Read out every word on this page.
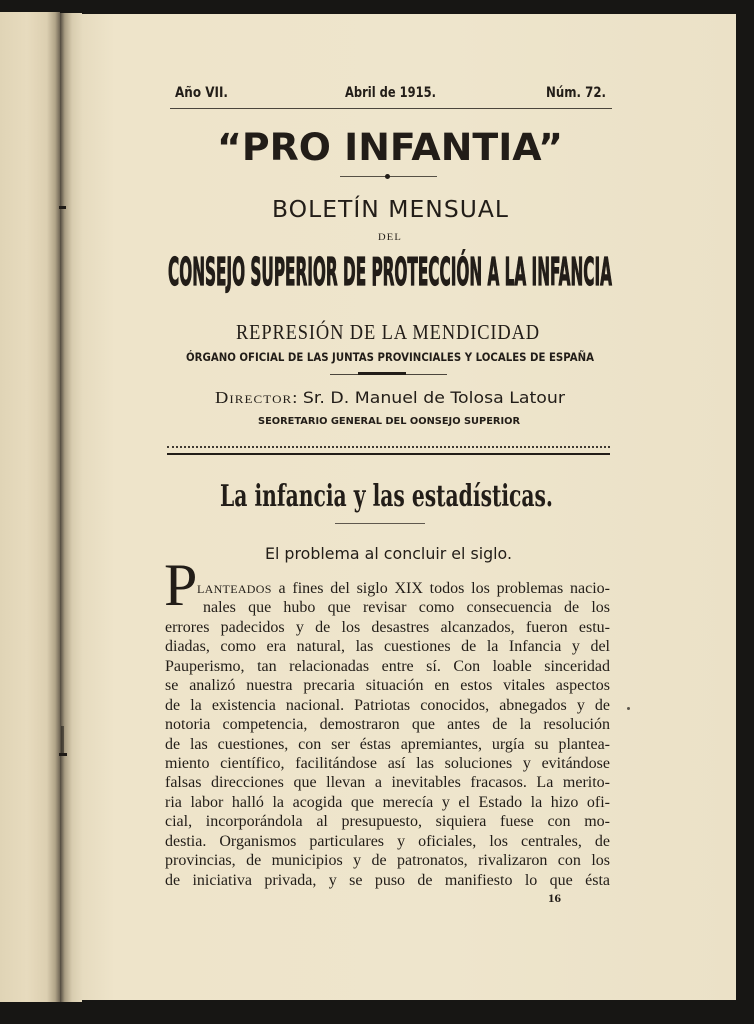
Año VII.	Abril de 1915.	Núm. 72.
“PRO INFANTIA”
BOLETÍN MENSUAL
DEL
CONSEJO SUPERIOR DE PROTECCIÓN A LA INFANCIA
REPRESIÓN DE LA MENDICIDAD
ÓRGANO OFICIAL DE LAS JUNTAS PROVINCIALES Y LOCALES DE ESPAÑA
Director: Sr. D. Manuel de Tolosa Latour
SEORETARIO GENERAL DEL OONSEJO SUPERIOR
La infancia y las estadísticas.
El problema al concluir el siglo.
P LANTEADOS a fines del siglo XIX todos los problemas nacio-
nales que hubo que revisar como consecuencia de los
errores padecidos y de los desastres alcanzados, fueron estu-
diadas, como era natural, las cuestiones de la Infancia y del
Pauperismo, tan relacionadas entre sí. Con loable sinceridad
se analizó nuestra precaria situación en estos vitales aspectos
de la existencia nacional. Patriotas conocidos, abnegados y de
notoria competencia, demostraron que antes de la resolución
de las cuestiones, con ser éstas apremiantes, urgía su plantea-
miento científico, facilitándose así las soluciones y evitándose
falsas direcciones que llevan a inevitables fracasos. La merito-
ria labor halló la acogida que merecía y el Estado la hizo ofi-
cial, incorporándola al presupuesto, siquiera fuese con mo-
destia. Organismos particulares y oficiales, los centrales, de
provincias, de municipios y de patronatos, rivalizaron con los
de iniciativa privada, y se puso de manifiesto lo que ésta
16
